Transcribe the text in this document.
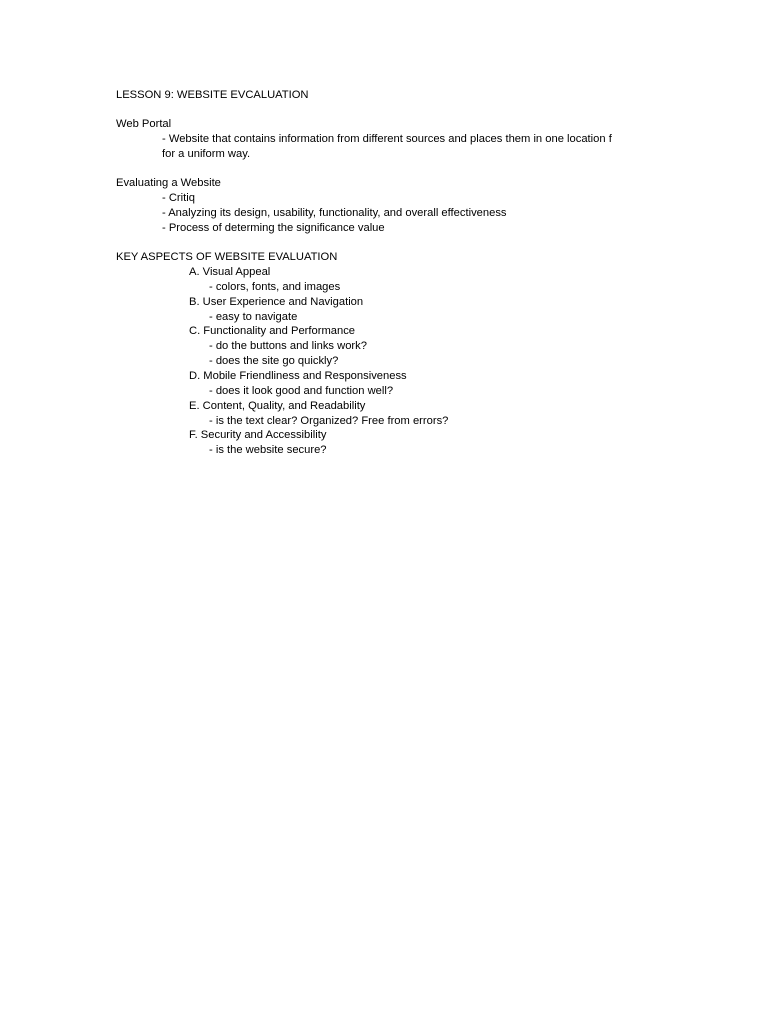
LESSON 9: WEBSITE EVCALUATION
Web Portal
- Website that contains information from different sources and places them in one location f
for a uniform way.
Evaluating a Website
- Critiq
- Analyzing its design, usability, functionality, and overall effectiveness
- Process of determing the significance value
KEY ASPECTS OF WEBSITE EVALUATION
A. Visual Appeal
- colors, fonts, and images
B. User Experience and Navigation
- easy to navigate
C. Functionality and Performance
- do the buttons and links work?
- does the site go quickly?
D. Mobile Friendliness and Responsiveness
- does it look good and function well?
E. Content, Quality, and Readability
- is the text clear? Organized? Free from errors?
F. Security and Accessibility
- is the website secure?
